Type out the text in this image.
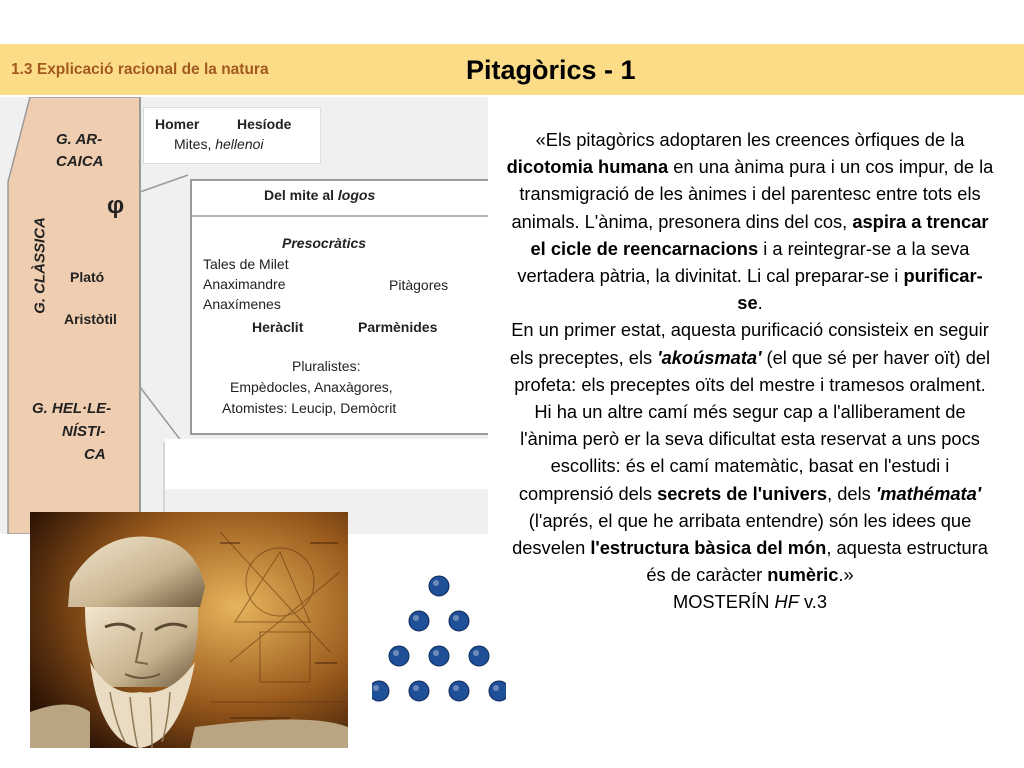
1.3 Explicació racional de la natura	Pitagòrics - 1
G. AR-
CAICA
G. CLÀSSICA
φ
Plató
Aristòtil
G. HEL·LE-
NÍSTI-
CA
Homer	Hesíode
Mites, hellenoi
Del mite al logos
Presocràtics
Tales de Milet
Anaximandre
Anaxímenes
Pitàgores
Heràclit	Parmènides
Pluralistes:
Empèdocles, Anaxàgores,
Atomistes: Leucip, Demòcrit
«Els pitagòrics adoptaren les creences òrfiques de la dicotomia humana en una ànima pura i un cos impur, de la transmigració de les ànimes i del parentesc entre tots els animals. L'ànima, presonera dins del cos, aspira a trencar el cicle de reencarnacions i a reintegrar-se a la seva vertadera pàtria, la divinitat. Li cal preparar-se i purificar-se.
En un primer estat, aquesta purificació consisteix en seguir els preceptes, els 'akoúsmata' (el que sé per haver oït) del profeta: els preceptes oïts del mestre i tramesos oralment. Hi ha un altre camí més segur cap a l'alliberament de l'ànima però er la seva dificultat esta reservat a uns pocs escollits: és el camí matemàtic, basat en l'estudi i comprensió dels secrets de l'univers, dels 'mathémata' (l'aprés, el que he arribata entendre) són les idees que desvelen l'estructura bàsica del món, aquesta estructura és de caràcter numèric.»
MOSTERÍN HF v.3
